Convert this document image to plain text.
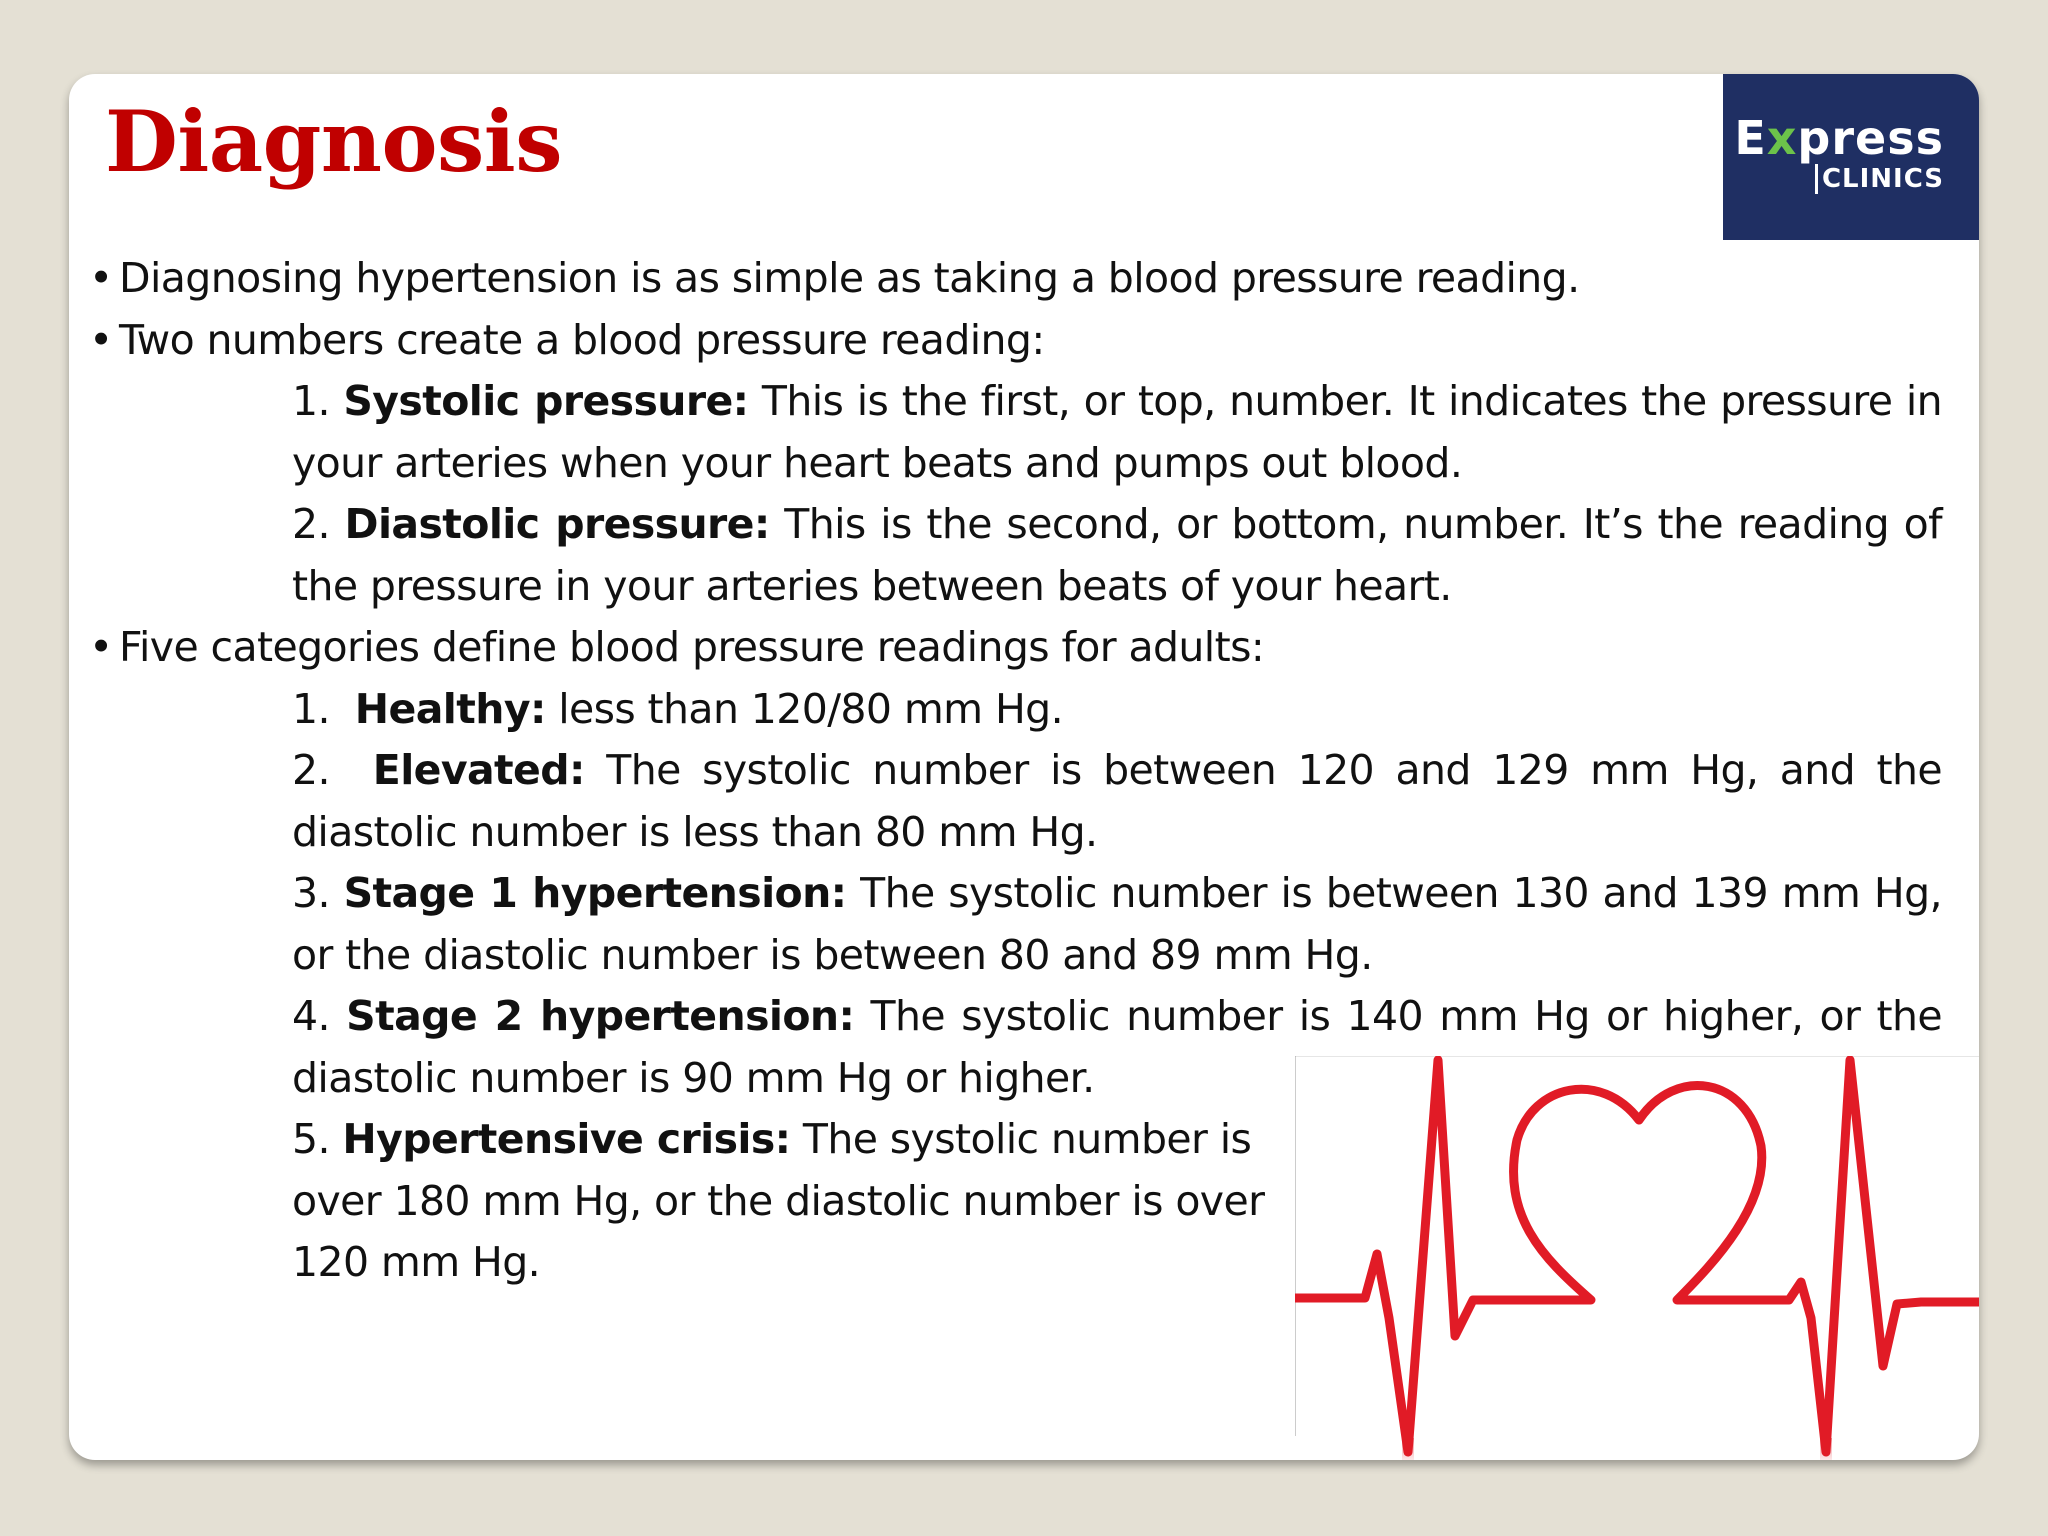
Diagnosis	Express
CLINICS

• Diagnosing hypertension is as simple as taking a blood pressure reading.

• Two numbers create a blood pressure reading:

1. Systolic pressure: This is the first, or top, number. It indicates the pressure in your arteries when your heart beats and pumps out blood.

2. Diastolic pressure: This is the second, or bottom, number. It’s the reading of the pressure in your arteries between beats of your heart.

• Five categories define blood pressure readings for adults:

1.  Healthy: less than 120/80 mm Hg.

2.  Elevated: The systolic number is between 120 and 129 mm Hg, and the diastolic number is less than 80 mm Hg.

3. Stage 1 hypertension: The systolic number is between 130 and 139 mm Hg, or the diastolic number is between 80 and 89 mm Hg.

4. Stage 2 hypertension: The systolic number is 140 mm Hg or higher, or the diastolic number is 90 mm Hg or higher.

5. Hypertensive crisis: The systolic number is over 180 mm Hg, or the diastolic number is over 120 mm Hg.
